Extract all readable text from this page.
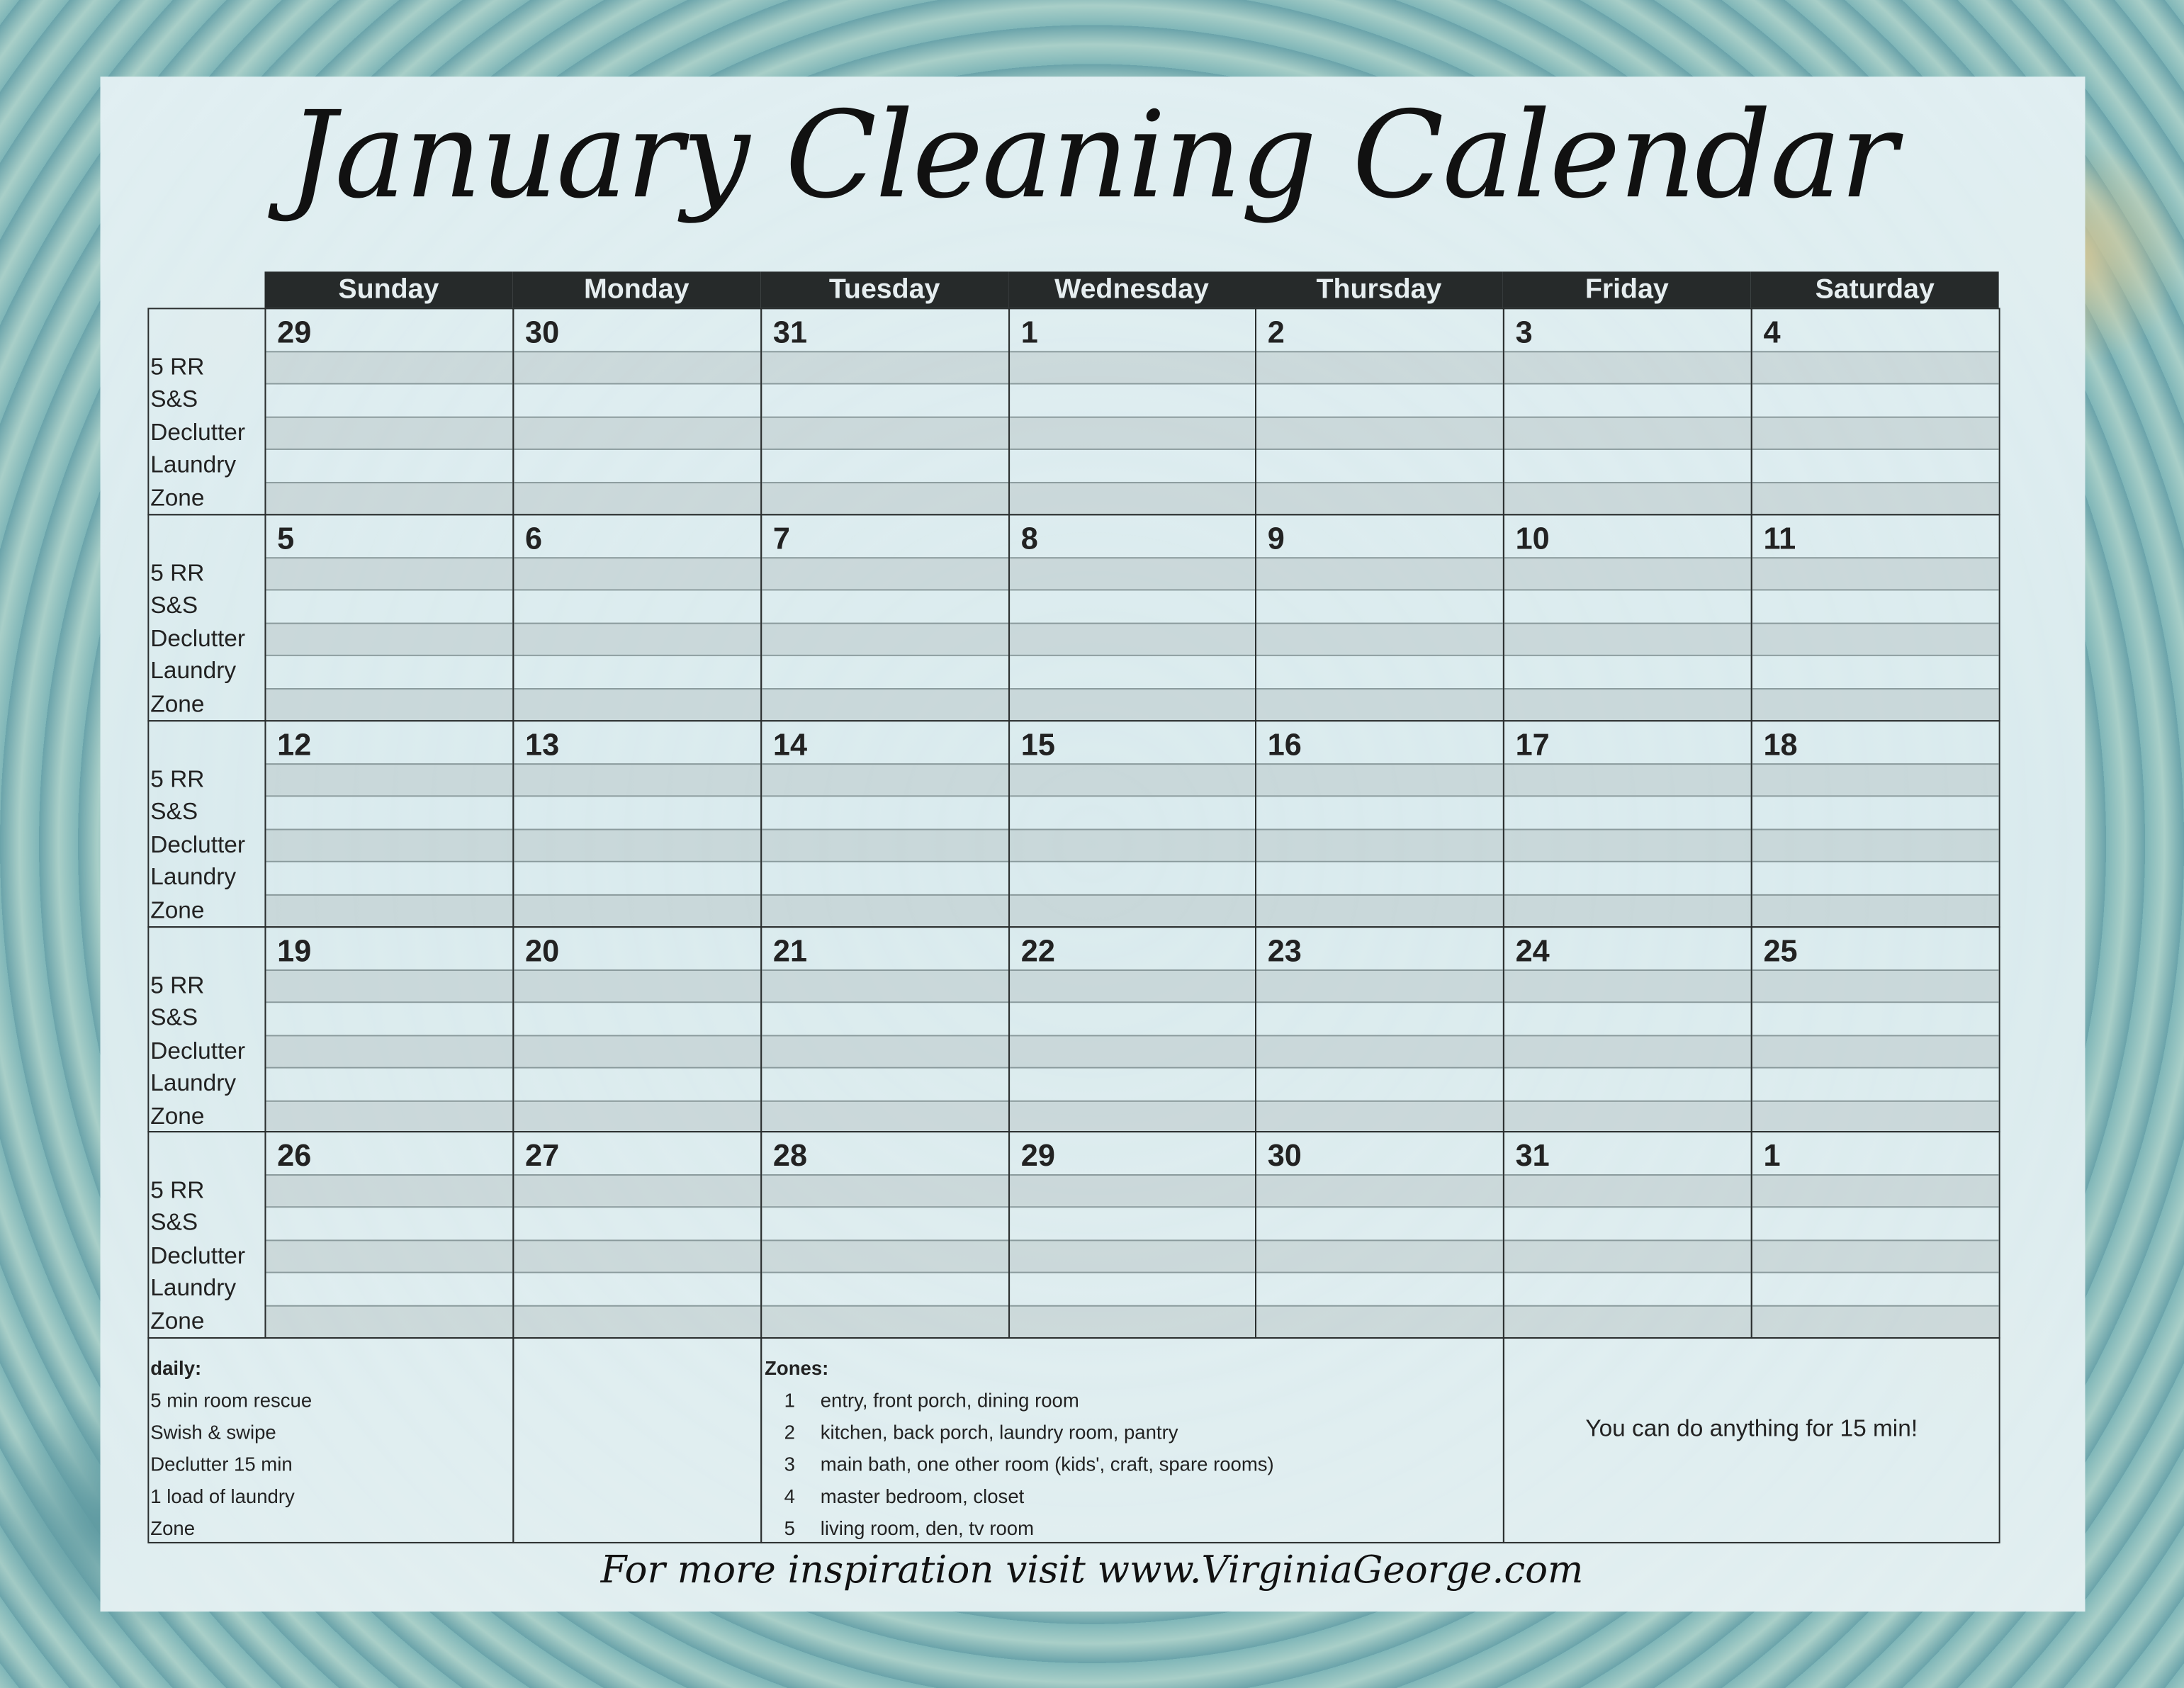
January Cleaning Calendar
daily:	Zones:
You can do anything for 15 min!
For more inspiration visit www.VirginiaGeorge.com
Sunday	Monday	Tuesday	Wednesday	Thursday	Friday	Saturday
5 RR
S&S
Declutter
Laundry
Zone
29	30	31	1	2	3	4
5 RR
S&S
Declutter
Laundry
Zone
5	6	7	8	9	10	11
5 RR
S&S
Declutter
Laundry
Zone
12	13	14	15	16	17	18
5 RR
S&S
Declutter
Laundry
Zone
19	20	21	22	23	24	25
5 RR
S&S
Declutter
Laundry
Zone
26	27	28	29	30	31	1
5 min room rescue
Swish & swipe
Declutter 15 min
1 load of laundry
Zone
1	entry, front porch, dining room
2	kitchen, back porch, laundry room, pantry
3	main bath, one other room (kids', craft, spare rooms)
4	master bedroom, closet
5	living room, den, tv room
